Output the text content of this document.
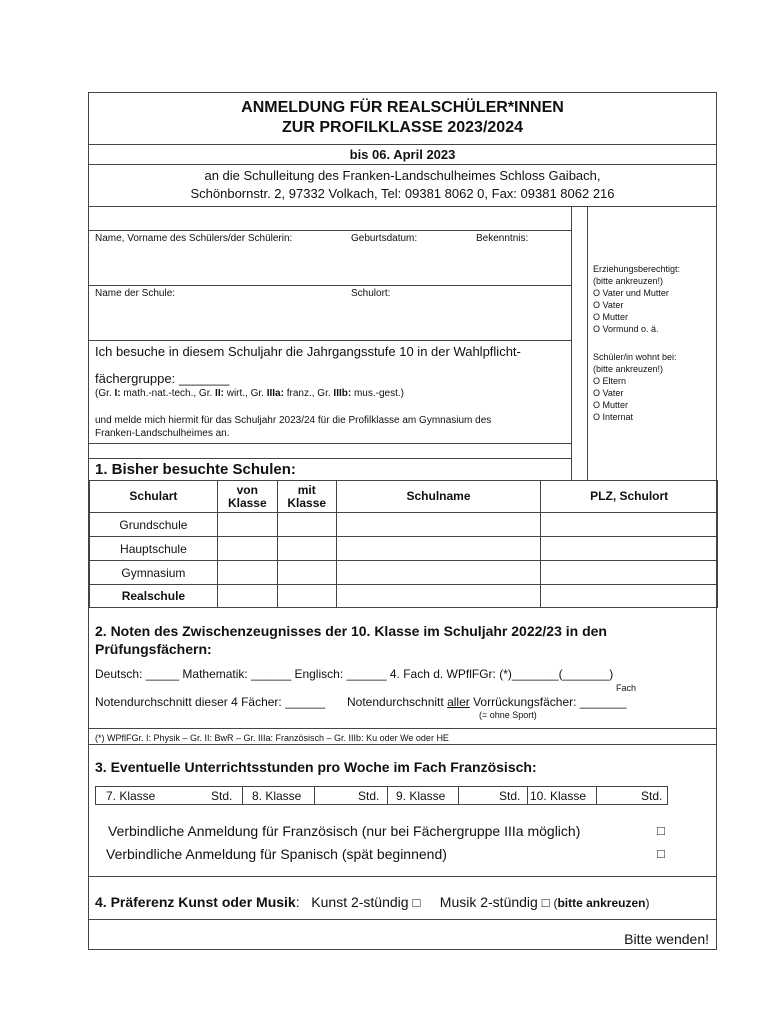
ANMELDUNG FÜR REALSCHÜLER*INNEN
ZUR PROFILKLASSE 2023/2024
bis 06. April 2023
an die Schulleitung des Franken-Landschulheimes Schloss Gaibach,
Schönbornstr. 2, 97332 Volkach, Tel: 09381 8062 0, Fax: 09381 8062 216
Name, Vorname des Schülers/der Schülerin:	Geburtsdatum:	Bekenntnis:
Name der Schule:	Schulort:
Ich besuche in diesem Schuljahr die Jahrgangsstufe 10 in der Wahlpflicht-
fächergruppe: _______
(Gr. I: math.-nat.-tech., Gr. II: wirt., Gr. IIIa: franz., Gr. IIIb: mus.-gest.)
und melde mich hiermit für das Schuljahr 2023/24 für die Profilklasse am Gymnasium des
Franken-Landschulheimes an.
Erziehungsberechtigt:
(bitte ankreuzen!)
O Vater und Mutter
O Vater
O Mutter
O Vormund o. ä.
Schüler/in wohnt bei:
(bitte ankreuzen!)
O Eltern
O Vater
O Mutter
O Internat
1. Bisher besuchte Schulen:
Schulart	von Klasse	mit Klasse	Schulname	PLZ, Schulort
Grundschule				
Hauptschule				
Gymnasium				
Realschule				
2. Noten des Zwischenzeugnisses der 10. Klasse im Schuljahr 2022/23 in den
Prüfungsfächern:
Deutsch: _____ Mathematik: ______ Englisch: ______ 4. Fach d. WPflFGr: (*)_______(_______)
Fach
Notendurchschnitt dieser 4 Fächer: ______ Notendurchschnitt aller Vorrückungsfächer: _______
(= ohne Sport)
(*) WPflFGr. I: Physik – Gr. II: BwR – Gr. IIIa: Französisch – Gr. IIIb: Ku oder We oder HE
3. Eventuelle Unterrichtsstunden pro Woche im Fach Französisch:
7. Klasse	Std. 8. Klasse	Std. 9. Klasse	Std. 10. Klasse	Std.
Verbindliche Anmeldung für Französisch (nur bei Fächergruppe IIIa möglich)	□
Verbindliche Anmeldung für Spanisch (spät beginnend)	□
4. Präferenz Kunst oder Musik: Kunst 2-stündig □ Musik 2-stündig □ (bitte ankreuzen)
Bitte wenden!
